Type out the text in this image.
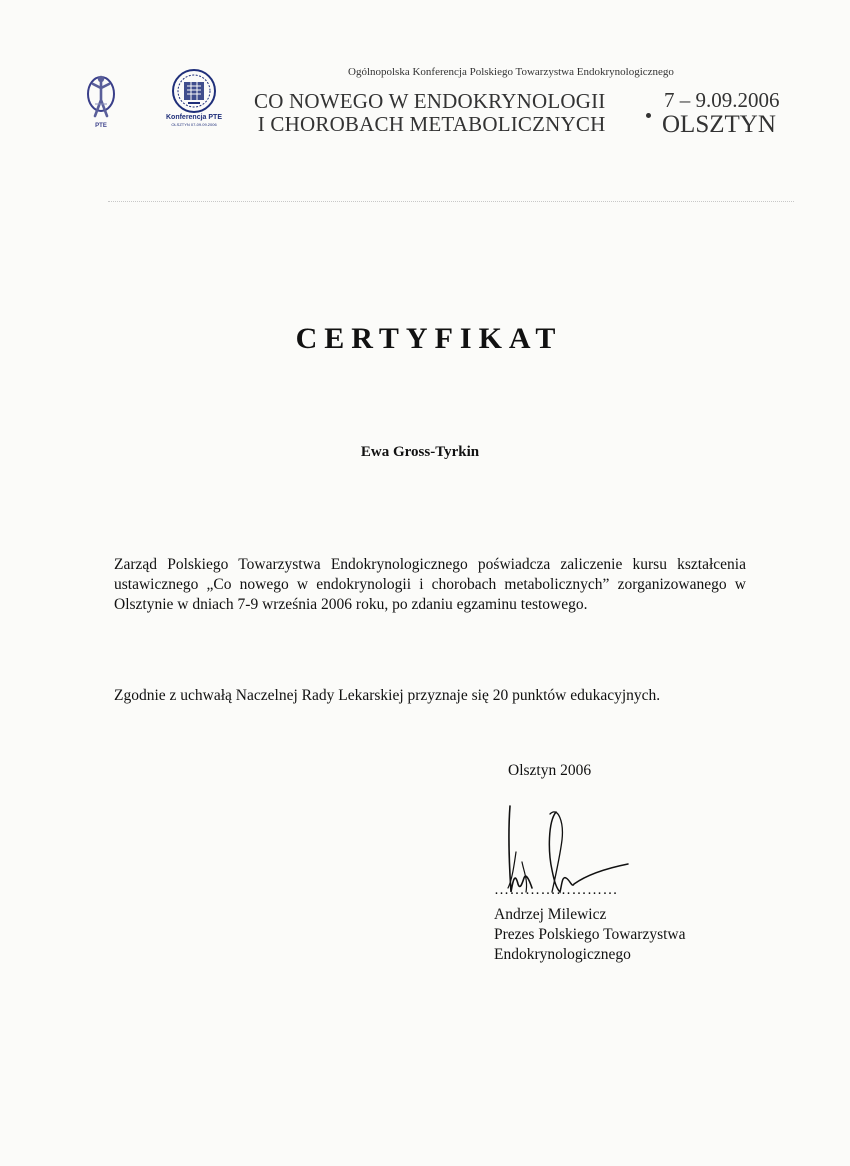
PTE
Konferencja PTE
OLSZTYN 07-09.09.2006
Ogólnopolska Konferencja Polskiego Towarzystwa Endokrynologicznego
CO NOWEGO W ENDOKRYNOLOGII
I CHOROBACH METABOLICZNYCH
7 – 9.09.2006
OLSZTYN
CERTYFIKAT
Ewa Gross-Tyrkin
Zarząd Polskiego Towarzystwa Endokrynologicznego poświadcza zaliczenie kursu kształcenia ustawicznego „Co nowego w endokrynologii i chorobach metabolicznych” zorganizowanego w Olsztynie w dniach 7-9 września 2006 roku, po zdaniu egzaminu testowego.
Zgodnie z uchwałą Naczelnej Rady Lekarskiej przyznaje się 20 punktów edukacyjnych.
Olsztyn 2006
……………………
Andrzej Milewicz
Prezes Polskiego Towarzystwa
Endokrynologicznego
